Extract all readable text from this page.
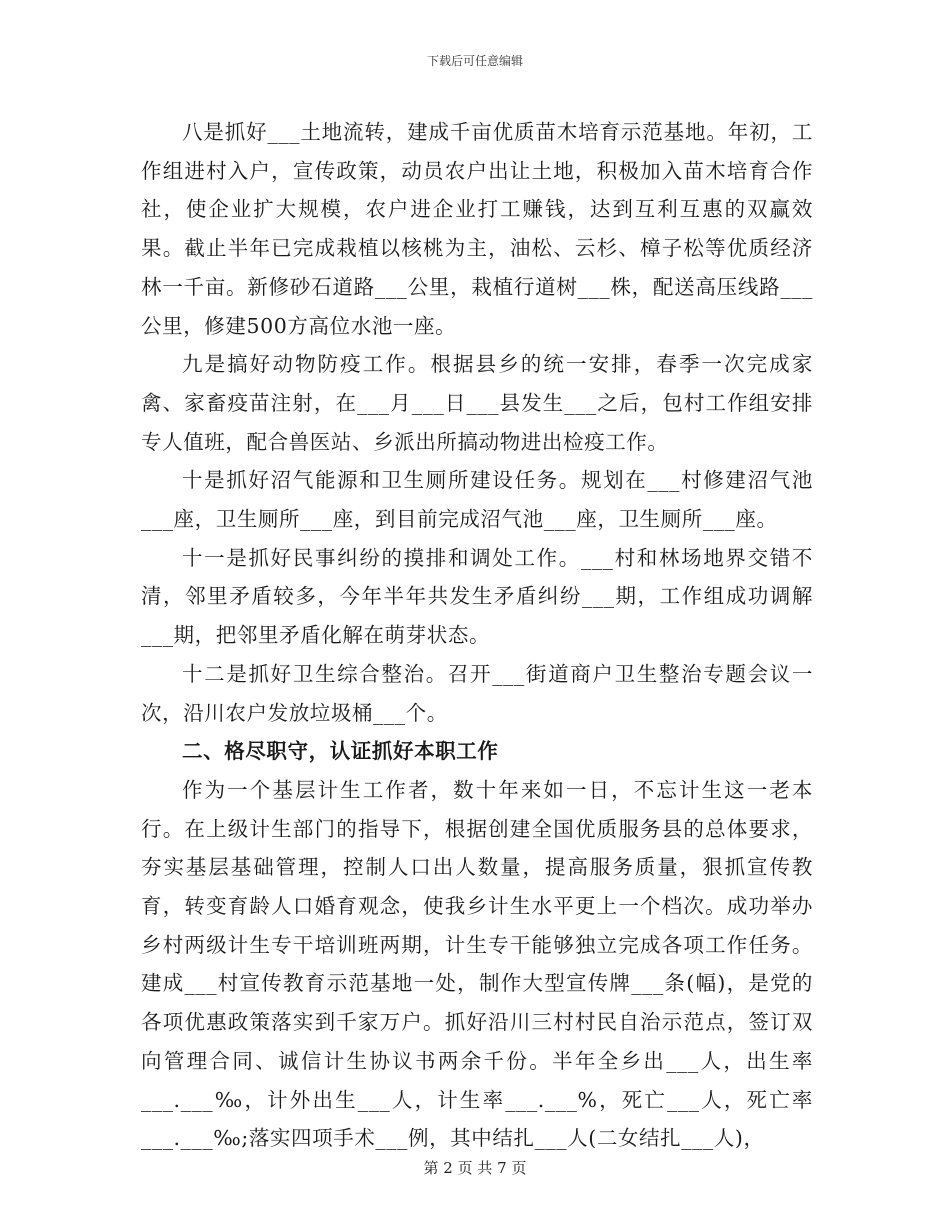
下载后可任意编辑

八是抓好___土地流转，建成千亩优质苗木培育示范基地。年初，工作组进村入户，宣传政策，动员农户出让土地，积极加入苗木培育合作社，使企业扩大规模，农户进企业打工赚钱，达到互利互惠的双赢效果。截止半年已完成栽植以核桃为主，油松、云杉、樟子松等优质经济林一千亩。新修砂石道路___公里，栽植行道树___株，配送高压线路___公里，修建500方高位水池一座。

九是搞好动物防疫工作。根据县乡的统一安排，春季一次完成家禽、家畜疫苗注射，在___月___日___县发生___之后，包村工作组安排专人值班，配合兽医站、乡派出所搞动物进出检疫工作。

十是抓好沼气能源和卫生厕所建设任务。规划在___村修建沼气池___座，卫生厕所___座，到目前完成沼气池___座，卫生厕所___座。

十一是抓好民事纠纷的摸排和调处工作。___村和林场地界交错不清，邻里矛盾较多，今年半年共发生矛盾纠纷___期，工作组成功调解___期，把邻里矛盾化解在萌芽状态。

十二是抓好卫生综合整治。召开___街道商户卫生整治专题会议一次，沿川农户发放垃圾桶___个。

二、格尽职守，认证抓好本职工作

作为一个基层计生工作者，数十年来如一日，不忘计生这一老本行。在上级计生部门的指导下，根据创建全国优质服务县的总体要求，夯实基层基础管理，控制人口出人数量，提高服务质量，狠抓宣传教育，转变育龄人口婚育观念，使我乡计生水平更上一个档次。成功举办乡村两级计生专干培训班两期，计生专干能够独立完成各项工作任务。建成___村宣传教育示范基地一处，制作大型宣传牌___条(幅)，是党的各项优惠政策落实到千家万户。抓好沿川三村村民自治示范点，签订双向管理合同、诚信计生协议书两余千份。半年全乡出___人，出生率___.___‰，计外出生___人，计生率___.___%，死亡___人，死亡率___.___‰;落实四项手术___例，其中结扎___人(二女结扎___人)，

第 2 页 共 7 页
